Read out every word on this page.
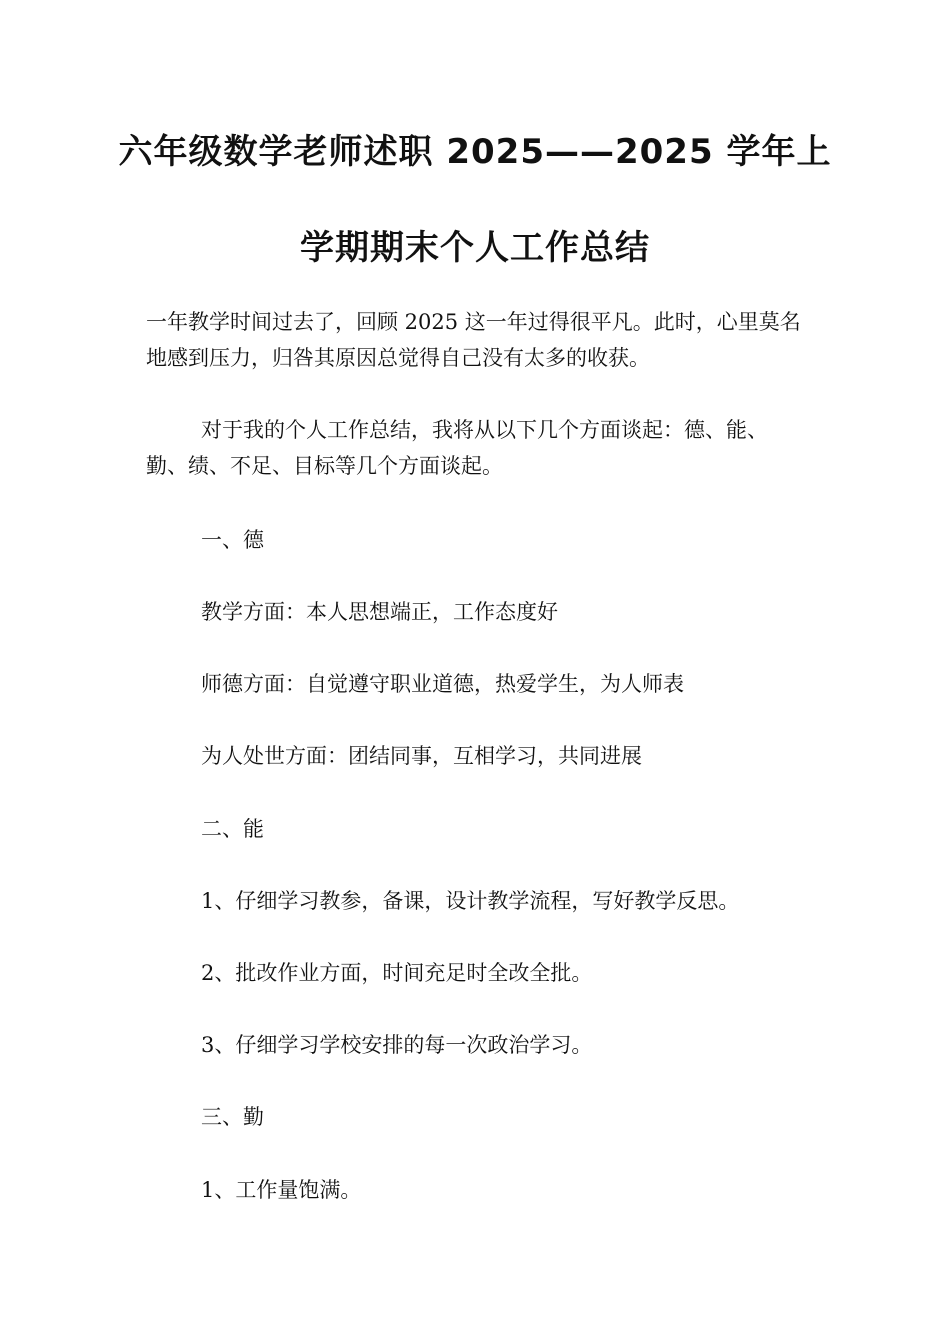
六年级数学老师述职 2025——2025 学年上
学期期末个人工作总结

一年教学时间过去了，回顾 2025 这一年过得很平凡。此时，心里莫名地感到压力，归咎其原因总觉得自己没有太多的收获。

对于我的个人工作总结，我将从以下几个方面谈起：德、能、勤、绩、不足、目标等几个方面谈起。

一、德

教学方面：本人思想端正，工作态度好

师德方面：自觉遵守职业道德，热爱学生，为人师表

为人处世方面：团结同事，互相学习，共同进展

二、能

1、仔细学习教参，备课，设计教学流程，写好教学反思。

2、批改作业方面，时间充足时全改全批。

3、仔细学习学校安排的每一次政治学习。

三、勤

1、工作量饱满。
